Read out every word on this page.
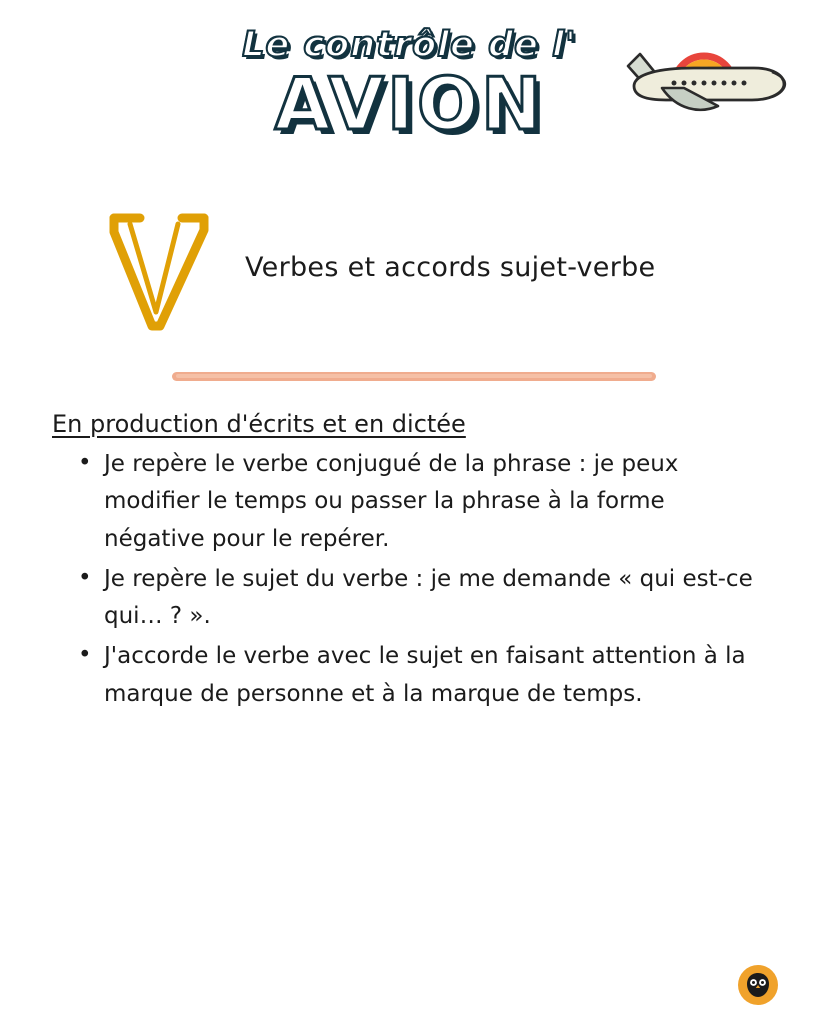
Le contrôle de l'
AVION
Verbes et accords sujet-verbe
En production d'écrits et en dictée
• Je repère le verbe conjugué de la phrase : je peux modifier le temps ou passer la phrase à la forme négative pour le repérer.
• Je repère le sujet du verbe : je me demande « qui est-ce qui… ? ».
• J'accorde le verbe avec le sujet en faisant attention à la marque de personne et à la marque de temps.
